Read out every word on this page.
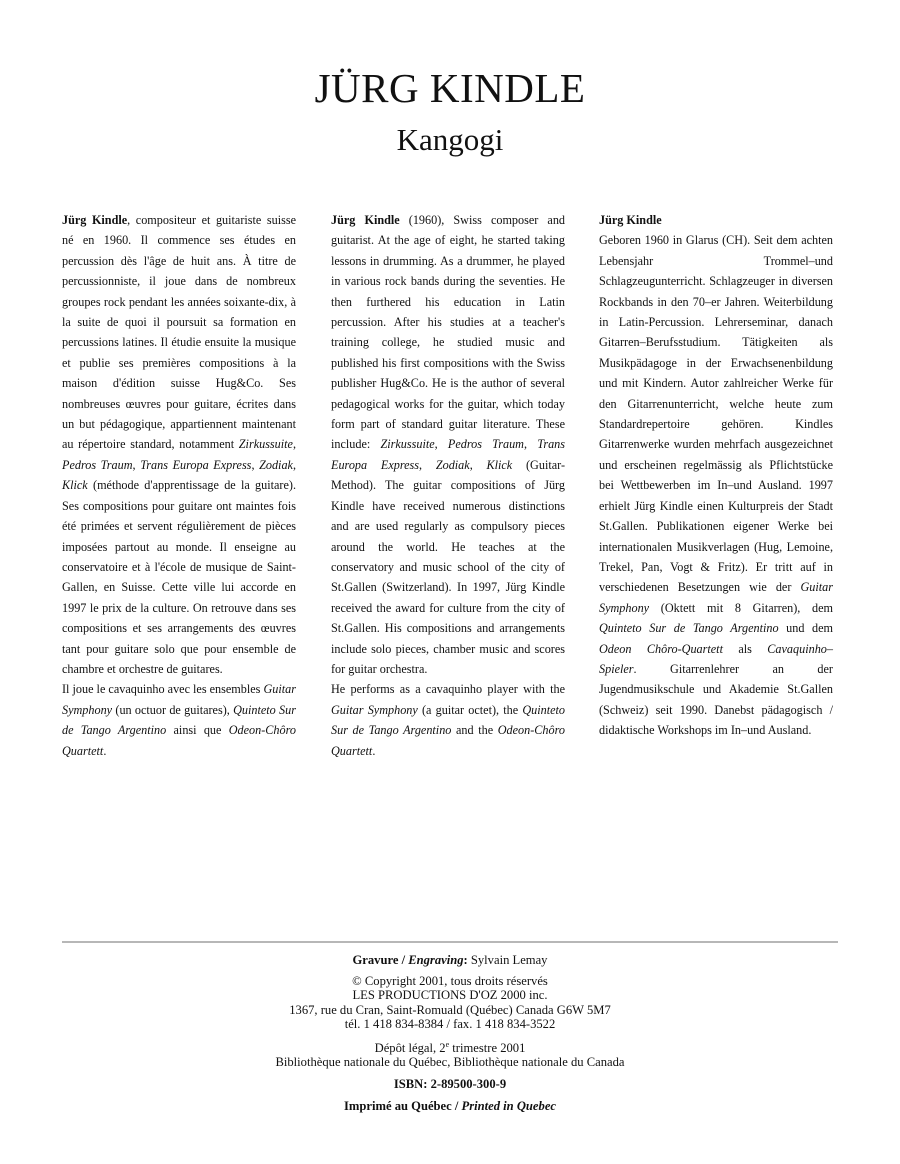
JÜRG KINDLE
Kangogi

Jürg Kindle, compositeur et guitariste suisse né en 1960. Il commence ses études en percussion dès l'âge de huit ans. À titre de percussionniste, il joue dans de nombreux groupes rock pendant les années soixante-dix, à la suite de quoi il poursuit sa formation en percussions latines. Il étudie ensuite la musique et publie ses premières compositions à la maison d'édition suisse Hug&Co. Ses nombreuses œuvres pour guitare, écrites dans un but pédagogique, appartiennent maintenant au répertoire standard, notamment Zirkussuite, Pedros Traum, Trans Europa Express, Zodiak, Klick (méthode d'apprentissage de la guitare). Ses compositions pour guitare ont maintes fois été primées et servent régulièrement de pièces imposées partout au monde. Il enseigne au conservatoire et à l'école de musique de Saint-Gallen, en Suisse. Cette ville lui accorde en 1997 le prix de la culture. On retrouve dans ses compositions et ses arrangements des œuvres tant pour guitare solo que pour ensemble de chambre et orchestre de guitares.

Il joue le cavaquinho avec les ensembles Guitar Symphony (un octuor de guitares), Quinteto Sur de Tango Argentino ainsi que Odeon-Chôro Quartett.

Jürg Kindle (1960), Swiss composer and guitarist. At the age of eight, he started taking lessons in drumming. As a drummer, he played in various rock bands during the seventies. He then furthered his education in Latin percussion. After his studies at a teacher's training college, he studied music and published his first compositions with the Swiss publisher Hug&Co. He is the author of several pedagogical works for the guitar, which today form part of standard guitar literature. These include: Zirkussuite, Pedros Traum, Trans Europa Express, Zodiak, Klick (Guitar-Method). The guitar compositions of Jürg Kindle have received numerous distinctions and are used regularly as compulsory pieces around the world. He teaches at the conservatory and music school of the city of St.Gallen (Switzerland). In 1997, Jürg Kindle received the award for culture from the city of St.Gallen. His compositions and arrangements include solo pieces, chamber music and scores for guitar orchestra.

He performs as a cavaquinho player with the Guitar Symphony (a guitar octet), the Quinteto Sur de Tango Argentino and the Odeon-Chôro Quartett.

Jürg Kindle

Geboren 1960 in Glarus (CH). Seit dem achten Lebensjahr Trommel–und Schlagzeugunterricht. Schlagzeuger in diversen Rockbands in den 70–er Jahren. Weiterbildung in Latin-Percussion. Lehrerseminar, danach Gitarren–Berufsstudium. Tätigkeiten als Musikpädagoge in der Erwachsenenbildung und mit Kindern. Autor zahlreicher Werke für den Gitarrenunterricht, welche heute zum Standardrepertoire gehören. Kindles Gitarrenwerke wurden mehrfach ausgezeichnet und erscheinen regelmässig als Pflichtstücke bei Wettbewerben im In–und Ausland. 1997 erhielt Jürg Kindle einen Kulturpreis der Stadt St.Gallen. Publikationen eigener Werke bei internationalen Musikverlagen (Hug, Lemoine, Trekel, Pan, Vogt & Fritz). Er tritt auf in verschiedenen Besetzungen wie der Guitar Symphony (Oktett mit 8 Gitarren), dem Quinteto Sur de Tango Argentino und dem Odeon Chôro-Quartett als Cavaquinho–Spieler. Gitarrenlehrer an der Jugendmusikschule und Akademie St.Gallen (Schweiz) seit 1990. Danebst pädagogisch / didaktische Workshops im In–und Ausland.

Gravure / Engraving: Sylvain Lemay
© Copyright 2001, tous droits réservés
LES PRODUCTIONS D'OZ 2000 inc.
1367, rue du Cran, Saint-Romuald (Québec) Canada G6W 5M7
tél. 1 418 834-8384 / fax. 1 418 834-3522
Dépôt légal, 2e trimestre 2001
Bibliothèque nationale du Québec, Bibliothèque nationale du Canada
ISBN: 2-89500-300-9
Imprimé au Québec / Printed in Quebec
